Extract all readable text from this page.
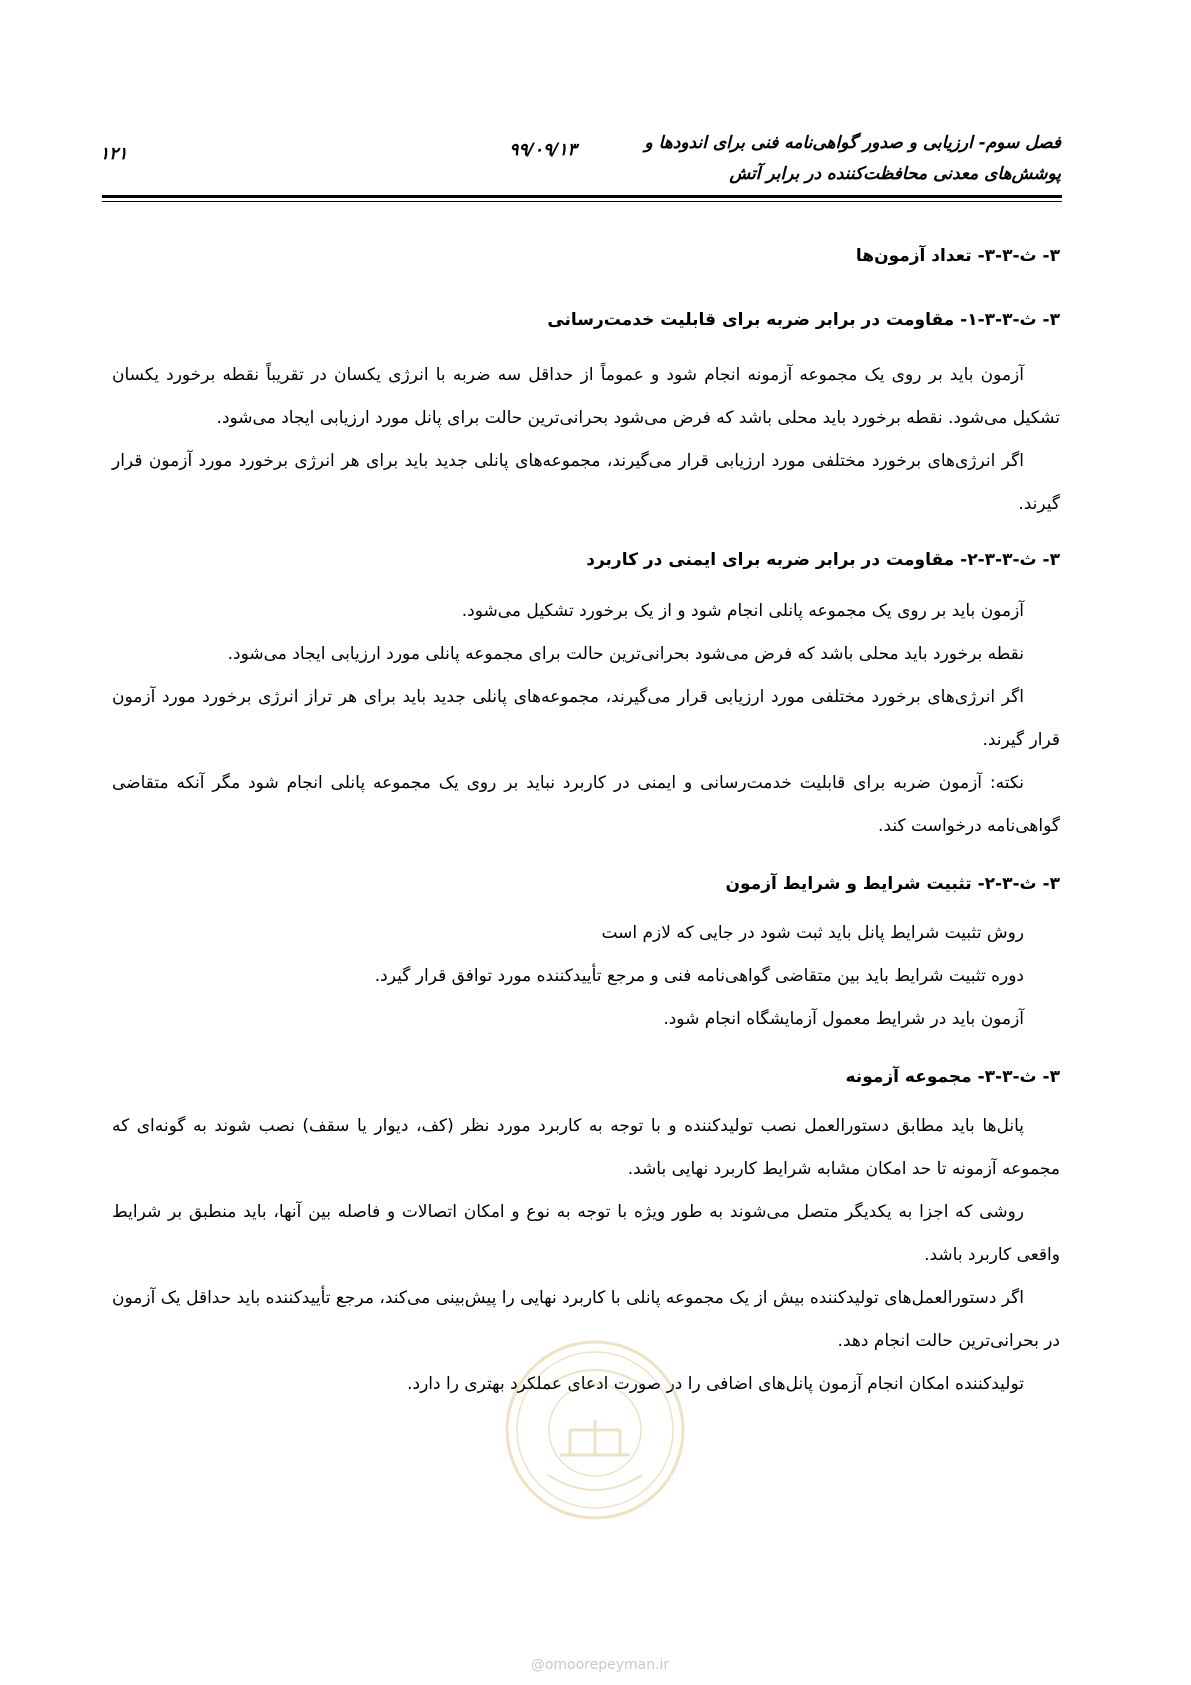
فصل سوم- ارزیابی و صدور گواهی‌نامه فنی برای اندودها و
پوشش‌های معدنی محافظت‌کننده در برابر آتش
۹۹/۰۹/۱۳
۱۲۱

۳- ث-۳-۳- تعداد آزمون‌ها

۳- ث-۳-۳-۱- مقاومت در برابر ضربه برای قابلیت خدمت‌رسانی

آزمون باید بر روی یک مجموعه آزمونه انجام شود و عموماً از حداقل سه ضربه با انرژی یکسان در تقریباً نقطه برخورد یکسان تشکیل می‌شود. نقطه برخورد باید محلی باشد که فرض می‌شود بحرانی‌ترین حالت برای پانل مورد ارزیابی ایجاد می‌شود.

اگر انرژی‌های برخورد مختلفی مورد ارزیابی قرار می‌گیرند، مجموعه‌های پانلی جدید باید برای هر انرژی برخورد مورد آزمون قرار گیرند.

۳- ث-۳-۳-۲- مقاومت در برابر ضربه برای ایمنی در کاربرد

آزمون باید بر روی یک مجموعه پانلی انجام شود و از یک برخورد تشکیل می‌شود.

نقطه برخورد باید محلی باشد که فرض می‌شود بحرانی‌ترین حالت برای مجموعه پانلی مورد ارزیابی ایجاد می‌شود.

اگر انرژی‌های برخورد مختلفی مورد ارزیابی قرار می‌گیرند، مجموعه‌های پانلی جدید باید برای هر تراز انرژی برخورد مورد آزمون قرار گیرند.

نکته: آزمون ضربه برای قابلیت خدمت‌رسانی و ایمنی در کاربرد نباید بر روی یک مجموعه پانلی انجام شود مگر آنکه متقاضی گواهی‌نامه درخواست کند.

۳- ث-۳-۲- تثبیت شرایط و شرایط آزمون

روش تثبیت شرایط پانل باید ثبت شود در جایی که لازم است

دوره تثبیت شرایط باید بین متقاضی گواهی‌نامه فنی و مرجع تأییدکننده مورد توافق قرار گیرد.

آزمون باید در شرایط معمول آزمایشگاه انجام شود.

۳- ث-۳-۳- مجموعه آزمونه

پانل‌ها باید مطابق دستورالعمل نصب تولیدکننده و با توجه به کاربرد مورد نظر (کف، دیوار یا سقف) نصب شوند به گونه‌ای که مجموعه آزمونه تا حد امکان مشابه شرایط کاربرد نهایی باشد.

روشی که اجزا به یکدیگر متصل می‌شوند به طور ویژه با توجه به نوع و امکان اتصالات و فاصله بین آنها، باید منطبق بر شرایط واقعی کاربرد باشد.

اگر دستورالعمل‌های تولیدکننده بیش از یک مجموعه پانلی با کاربرد نهایی را پیش‌بینی می‌کند، مرجع تأییدکننده باید حداقل یک آزمون در بحرانی‌ترین حالت انجام دهد.

تولیدکننده امکان انجام آزمون پانل‌های اضافی را در صورت ادعای عملکرد بهتری را دارد.

@omoorepeyman.ir
